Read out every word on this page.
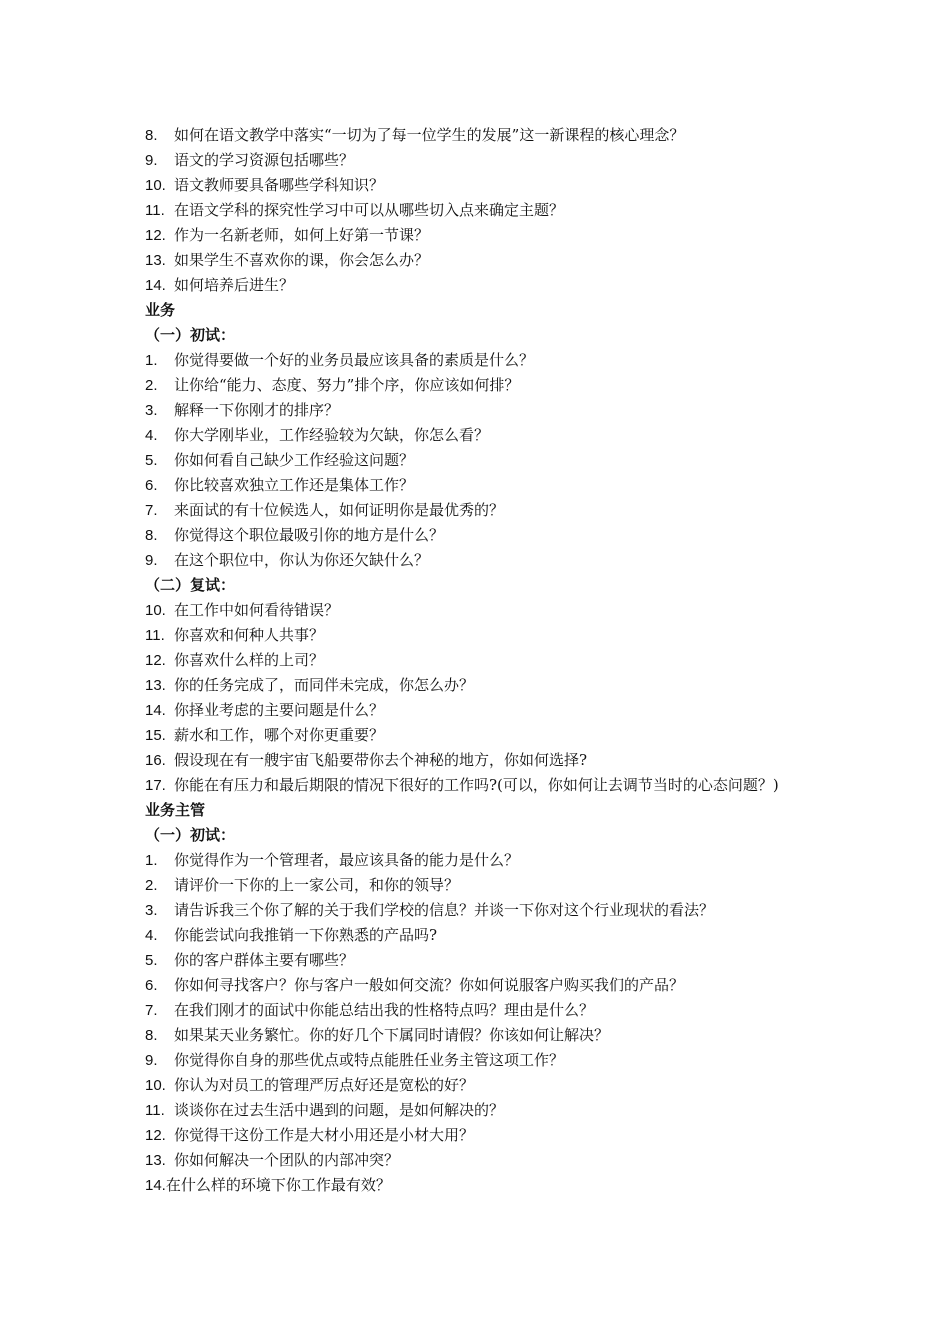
8. 如何在语文教学中落实“一切为了每一位学生的发展”这一新课程的核心理念？
9. 语文的学习资源包括哪些？
10. 语文教师要具备哪些学科知识？
11. 在语文学科的探究性学习中可以从哪些切入点来确定主题？
12. 作为一名新老师，如何上好第一节课？
13. 如果学生不喜欢你的课，你会怎么办？
14. 如何培养后进生？
业务
（一）初试：
1. 你觉得要做一个好的业务员最应该具备的素质是什么？
2. 让你给“能力、态度、努力”排个序，你应该如何排？
3. 解释一下你刚才的排序？
4. 你大学刚毕业，工作经验较为欠缺，你怎么看？
5. 你如何看自己缺少工作经验这问题？
6. 你比较喜欢独立工作还是集体工作？
7. 来面试的有十位候选人，如何证明你是最优秀的？
8. 你觉得这个职位最吸引你的地方是什么？
9. 在这个职位中，你认为你还欠缺什么？
（二）复试：
10. 在工作中如何看待错误？
11. 你喜欢和何种人共事？
12. 你喜欢什么样的上司？
13. 你的任务完成了，而同伴未完成，你怎么办？
14. 你择业考虑的主要问题是什么？
15. 薪水和工作，哪个对你更重要？
16. 假设现在有一艘宇宙飞船要带你去个神秘的地方，你如何选择?
17. 你能在有压力和最后期限的情况下很好的工作吗?(可以，你如何让去调节当时的心态问题？)
业务主管
（一）初试：
1. 你觉得作为一个管理者，最应该具备的能力是什么？
2. 请评价一下你的上一家公司，和你的领导？
3. 请告诉我三个你了解的关于我们学校的信息？并谈一下你对这个行业现状的看法？
4. 你能尝试向我推销一下你熟悉的产品吗?
5. 你的客户群体主要有哪些？
6. 你如何寻找客户？你与客户一般如何交流？你如何说服客户购买我们的产品？
7. 在我们刚才的面试中你能总结出我的性格特点吗？理由是什么？
8. 如果某天业务繁忙。你的好几个下属同时请假？你该如何让解决？
9. 你觉得你自身的那些优点或特点能胜任业务主管这项工作？
10. 你认为对员工的管理严厉点好还是宽松的好？
11. 谈谈你在过去生活中遇到的问题，是如何解决的？
12. 你觉得干这份工作是大材小用还是小材大用？
13. 你如何解决一个团队的内部冲突？
14.在什么样的环境下你工作最有效？
